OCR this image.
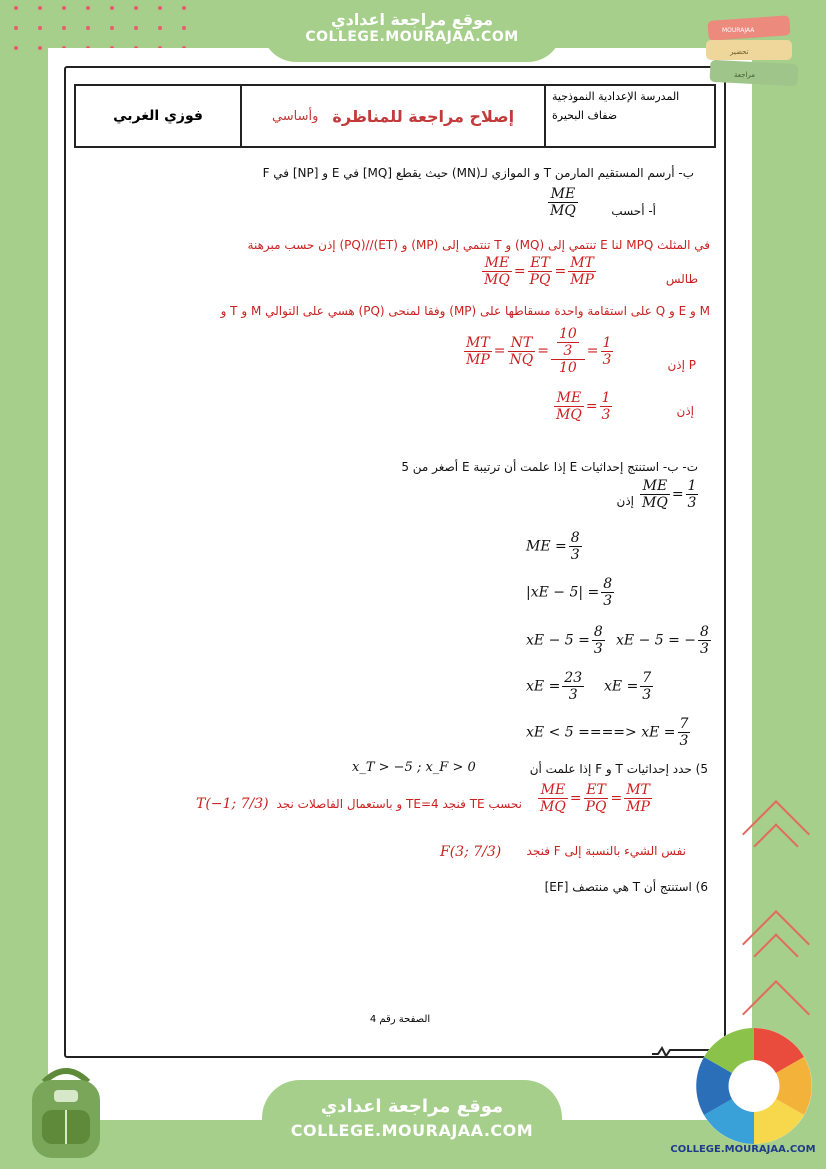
موقع مراجعة اعدادي
COLLEGE.MOURAJAA.COM	MOURAJAA
تحضير
مراجعة
فوزي الغربي	إصلاح مراجعة للمناظرة
وأساسي
المدرسة الإعدادية النموذجية
ضفاف البحيرة
ب- أرسم المستقيم المارمن T و الموازي لـ(MN) حيث يقطع [MQ] في E و [NP] في F
أ- أحسب
$\frac{ME}{MQ}$
في المثلث MPQ لنا E تنتمي إلى (MQ) و T تنتمي إلى (MP) و (ET)//(PQ) إذن حسب مبرهنة
طالس
$\frac{ME}{MQ} = \frac{ET}{PQ} = \frac{MT}{MP}$
M و E و Q على استقامة واحدة مسقاطها على (MP) وفقا لمنحى (PQ) هسي على التوالي M و T و
P إذن
$\frac{MT}{MP} = \frac{NT}{NQ} = 10$
3
$10 = \frac{1}{3}$
إذن
$\frac{ME}{MQ} = \frac{1}{3}$
ت- ب- استنتج إحداثيات E إذا علمت أن ترتيبة E أصغر من 5
إذن $\frac{ME}{MQ} = \frac{1}{3}$
ME = $\frac{8}{3}$
$|xE - 5| = \frac{8}{3}$
xE − $5 = \frac{8}{3}$ xE − 5 = − $\frac{8}{3}$
xE = $\frac{23}{3}$ xE = $\frac{7}{3}$
xE < 5 ====> xE = $\frac{7}{3}$
5) حدد إحداثيات T و F إذا علمت أن
x_T > −5 ; x_F > 0
نحسب TE فنجد TE=4 و باستعمال الفاصلات نجد $\frac{ME}{MQ} = \frac{ET}{PQ} = \frac{MT}{MP}$
T(−1; 7/3)
نفس الشيء بالنسبة إلى F فنجد
F(3; 7/3)
6) استنتج أن T هي منتصف [EF]
الصفحة رقم 4
موقع مراجعة اعدادي
COLLEGE.MOURAJAA.COM
COLLEGE.MOURAJAA.COM
